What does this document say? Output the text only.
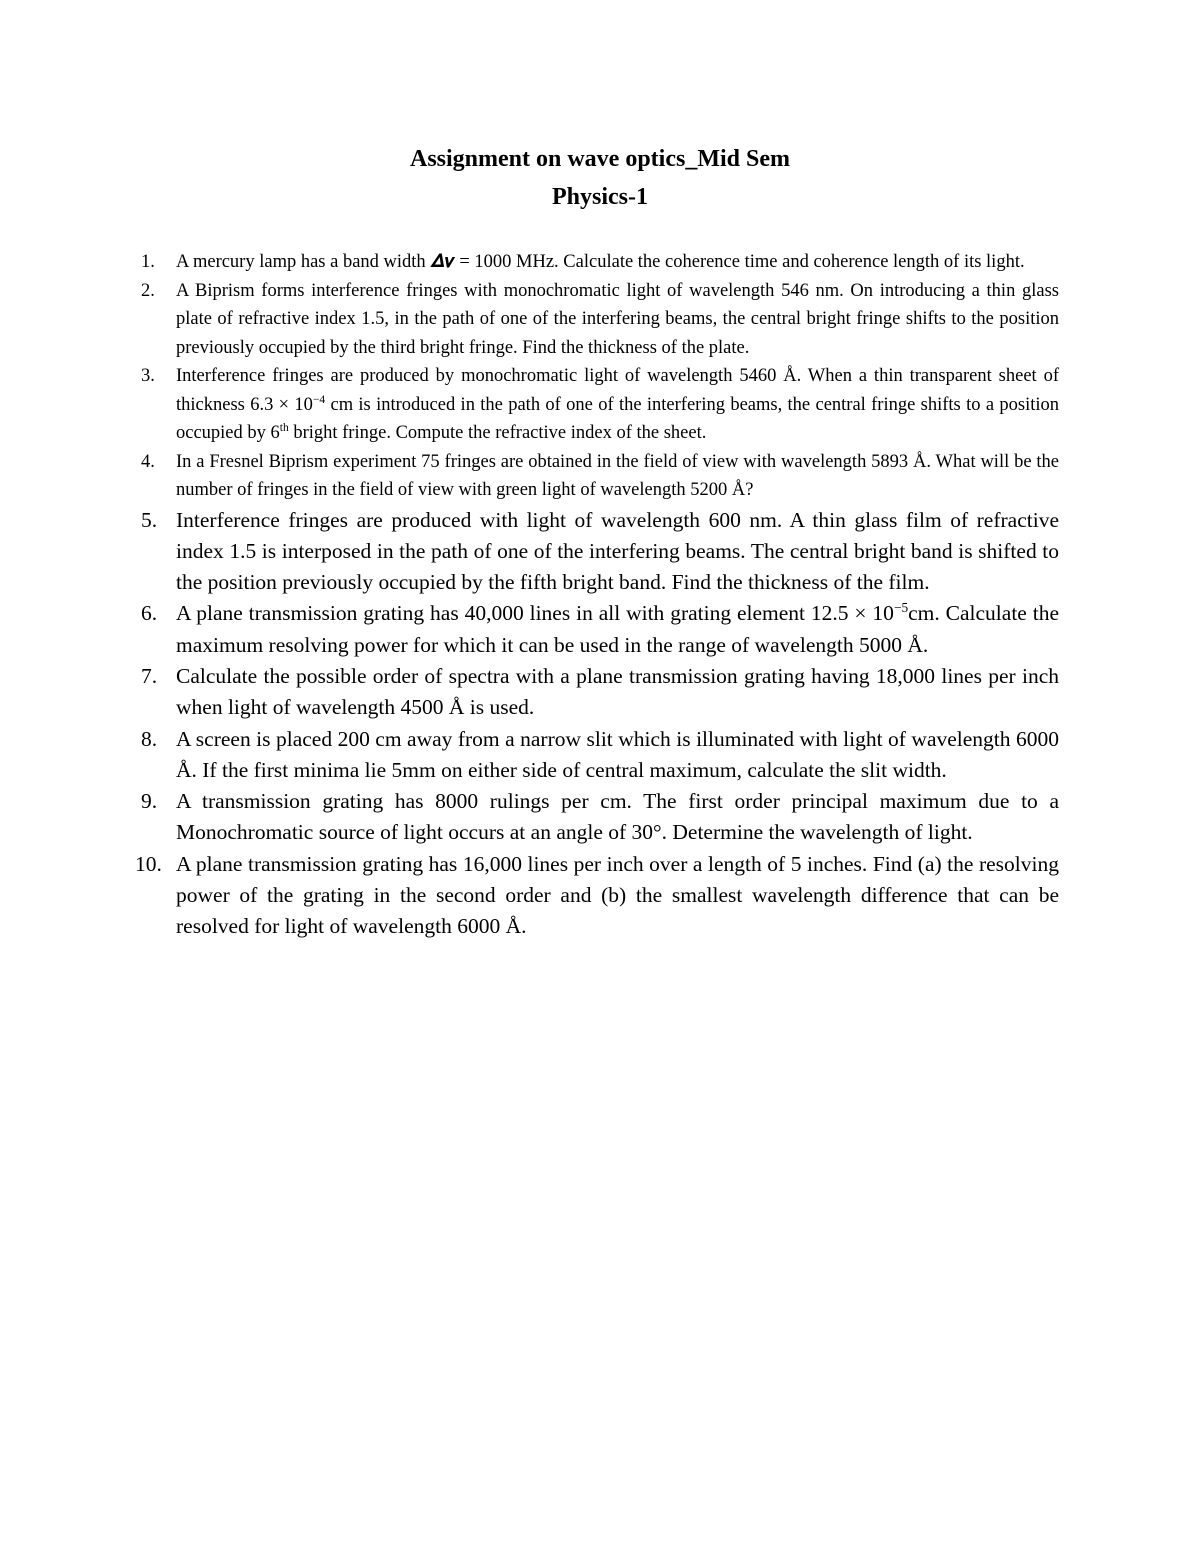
Assignment on wave optics_Mid Sem

Physics-1

1. A mercury lamp has a band width 𝜟𝝂 = 1000 MHz. Calculate the coherence time and coherence length of its light.
2. A Biprism forms interference fringes with monochromatic light of wavelength 546 nm. On introducing a thin glass plate of refractive index 1.5, in the path of one of the interfering beams, the central bright fringe shifts to the position previously occupied by the third bright fringe. Find the thickness of the plate.
3. Interference fringes are produced by monochromatic light of wavelength 5460 Å. When a thin transparent sheet of thickness $6.3 \times 10^{-4}$ cm is introduced in the path of one of the interfering beams, the central fringe shifts to a position occupied by 6th bright fringe. Compute the refractive index of the sheet.
4. In a Fresnel Biprism experiment 75 fringes are obtained in the field of view with wavelength 5893 Å. What will be the number of fringes in the field of view with green light of wavelength 5200 Å?
5. Interference fringes are produced with light of wavelength 600 nm. A thin glass film of refractive index 1.5 is interposed in the path of one of the interfering beams. The central bright band is shifted to the position previously occupied by the fifth bright band. Find the thickness of the film.
6. A plane transmission grating has 40,000 lines in all with grating element $12.5 \times 10^{-5}cm$. Calculate the maximum resolving power for which it can be used in the range of wavelength 5000 Å.
7. Calculate the possible order of spectra with a plane transmission grating having 18,000 lines per inch when light of wavelength 4500 Å is used.
8. A screen is placed 200 cm away from a narrow slit which is illuminated with light of wavelength 6000 Å. If the first minima lie 5mm on either side of central maximum, calculate the slit width.
9. A transmission grating has 8000 rulings per cm. The first order principal maximum due to a Monochromatic source of light occurs at an angle of 30°. Determine the wavelength of light.
10. A plane transmission grating has 16,000 lines per inch over a length of 5 inches. Find (a) the resolving power of the grating in the second order and (b) the smallest wavelength difference that can be resolved for light of wavelength 6000 Å.
